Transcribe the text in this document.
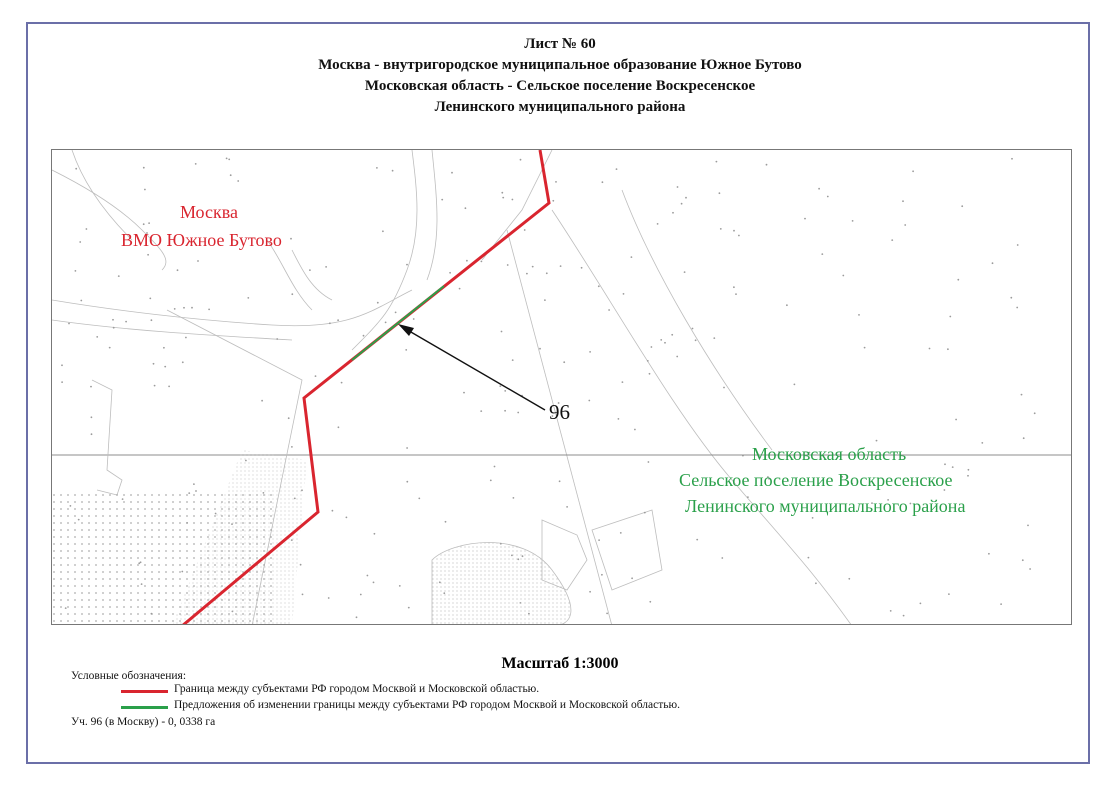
Лист № 60
Москва - внутригородское муниципальное образование Южное Бутово
Московская область - Сельское поселение Воскресенское
Ленинского муниципального района
Москва
ВМО Южное Бутово
96
Московская область
Сельское поселение Воскресенское
Ленинского муниципального района
Масштаб 1:3000
Условные обозначения:
Граница между субъектами РФ городом Москвой и Московской областью.
Предложения об изменении границы между субъектами РФ городом Москвой и Московской областью.
Уч. 96 (в Москву) - 0, 0338 га
